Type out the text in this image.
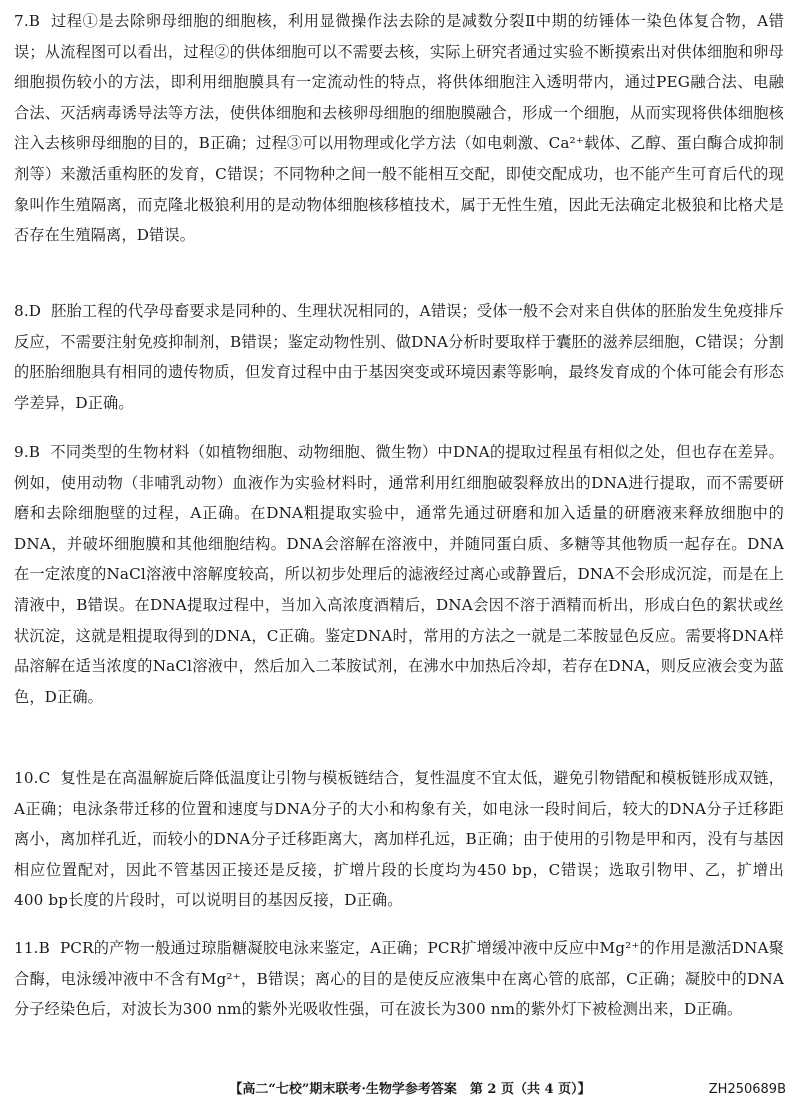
7.B 过程①是去除卵母细胞的细胞核，利用显微操作法去除的是减数分裂Ⅱ中期的纺锤体一染色体复合物，A错误；从流程图可以看出，过程②的供体细胞可以不需要去核，实际上研究者通过实验不断摸索出对供体细胞和卵母细胞损伤较小的方法，即利用细胞膜具有一定流动性的特点，将供体细胞注入透明带内，通过PEG融合法、电融合法、灭活病毒诱导法等方法，使供体细胞和去核卵母细胞的细胞膜融合，形成一个细胞，从而实现将供体细胞核注入去核卵母细胞的目的，B正确；过程③可以用物理或化学方法（如电刺激、Ca²⁺载体、乙醇、蛋白酶合成抑制剂等）来激活重构胚的发育，C错误；不同物种之间一般不能相互交配，即使交配成功，也不能产生可育后代的现象叫作生殖隔离，而克隆北极狼利用的是动物体细胞核移植技术，属于无性生殖，因此无法确定北极狼和比格犬是否存在生殖隔离，D错误。

8.D 胚胎工程的代孕母畜要求是同种的、生理状况相同的，A错误；受体一般不会对来自供体的胚胎发生免疫排斥反应，不需要注射免疫抑制剂，B错误；鉴定动物性别、做DNA分析时要取样于囊胚的滋养层细胞，C错误；分割的胚胎细胞具有相同的遗传物质，但发育过程中由于基因突变或环境因素等影响，最终发育成的个体可能会有形态学差异，D正确。

9.B 不同类型的生物材料（如植物细胞、动物细胞、微生物）中DNA的提取过程虽有相似之处，但也存在差异。例如，使用动物（非哺乳动物）血液作为实验材料时，通常利用红细胞破裂释放出的DNA进行提取，而不需要研磨和去除细胞壁的过程，A正确。在DNA粗提取实验中，通常先通过研磨和加入适量的研磨液来释放细胞中的DNA，并破坏细胞膜和其他细胞结构。DNA会溶解在溶液中，并随同蛋白质、多糖等其他物质一起存在。DNA在一定浓度的NaCl溶液中溶解度较高，所以初步处理后的滤液经过离心或静置后，DNA不会形成沉淀，而是在上清液中，B错误。在DNA提取过程中，当加入高浓度酒精后，DNA会因不溶于酒精而析出，形成白色的絮状或丝状沉淀，这就是粗提取得到的DNA，C正确。鉴定DNA时，常用的方法之一就是二苯胺显色反应。需要将DNA样品溶解在适当浓度的NaCl溶液中，然后加入二苯胺试剂，在沸水中加热后冷却，若存在DNA，则反应液会变为蓝色，D正确。

10.C 复性是在高温解旋后降低温度让引物与模板链结合，复性温度不宜太低，避免引物错配和模板链形成双链，A正确；电泳条带迁移的位置和速度与DNA分子的大小和构象有关，如电泳一段时间后，较大的DNA分子迁移距离小，离加样孔近，而较小的DNA分子迁移距离大，离加样孔远，B正确；由于使用的引物是甲和丙，没有与基因相应位置配对，因此不管基因正接还是反接，扩增片段的长度均为450 bp，C错误；选取引物甲、乙，扩增出400 bp长度的片段时，可以说明目的基因反接，D正确。

11.B PCR的产物一般通过琼脂糖凝胶电泳来鉴定，A正确；PCR扩增缓冲液中反应中Mg²⁺的作用是激活DNA聚合酶，电泳缓冲液中不含有Mg²⁺，B错误；离心的目的是使反应液集中在离心管的底部，C正确；凝胶中的DNA分子经染色后，对波长为300 nm的紫外光吸收性强，可在波长为300 nm的紫外灯下被检测出来，D正确。

【高二“七校”期末联考·生物学参考答案　第 2 页（共 4 页）】	ZH250689B
